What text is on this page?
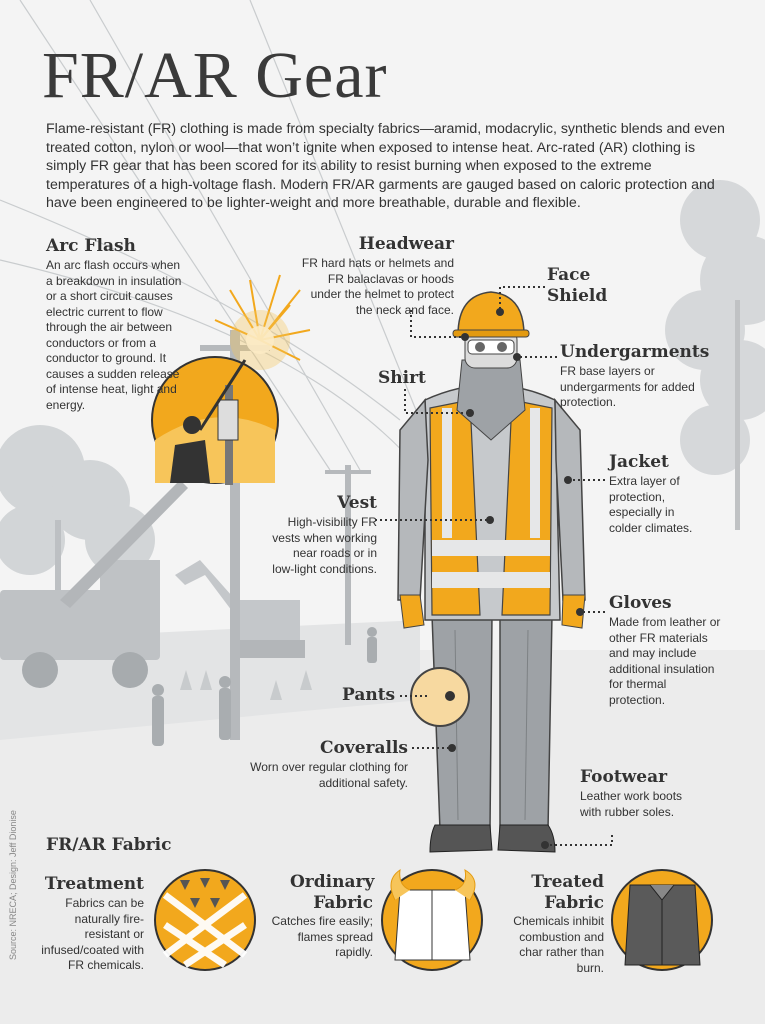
FR/AR Gear
Flame-resistant (FR) clothing is made from specialty fabrics—aramid, modacrylic, synthetic blends and even treated cotton, nylon or wool—that won’t ignite when exposed to intense heat. Arc-rated (AR) clothing is simply FR gear that has been scored for its ability to resist burning when exposed to the extreme temperatures of a high-voltage flash. Modern FR/AR garments are gauged based on caloric protection and have been engineered to be lighter-weight and more breathable, durable and flexible.
Arc Flash
An arc flash occurs when a breakdown in insulation or a short circuit causes electric current to flow through the air between conductors or from a conductor to ground. It causes a sudden release of intense heat, light and energy.
Headwear
FR hard hats or helmets and FR balaclavas or hoods under the helmet to protect the neck and face.
Face
Shield
Undergarments
FR base layers or undergarments for added protection.
Shirt
Jacket
Extra layer of protection, especially in colder climates.
Vest
High-visibility FR vests when working near roads or in low-light conditions.
Gloves
Made from leather or other FR materials and may include additional insulation for thermal protection.
Pants
Coveralls
Worn over regular clothing for additional safety.	Footwear
Leather work boots with rubber soles.
FR/AR Fabric
Treatment
Fabrics can be naturally fire-resistant or infused/coated with FR chemicals.
Ordinary
Fabric
Catches fire easily; flames spread rapidly.
Treated
Fabric
Chemicals inhibit combustion and char rather than burn.
Source: NRECA; Design: Jeff Dionise
